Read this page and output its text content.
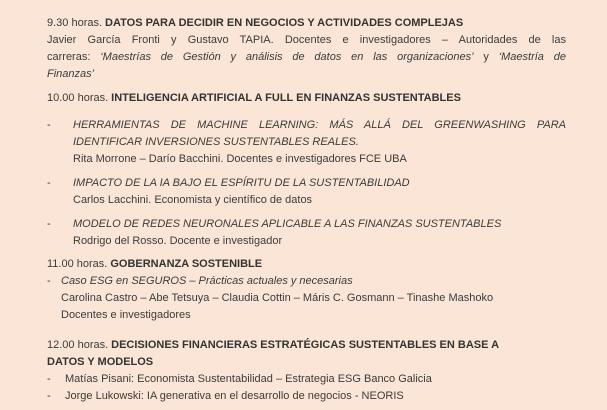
9.30 horas. DATOS PARA DECIDIR EN NEGOCIOS Y ACTIVIDADES COMPLEJAS
Javier García Fronti y Gustavo TAPIA. Docentes e investigadores – Autoridades de las
carreras: ‘Maestrías de Gestión y análisis de datos en las organizaciones’ y ‘Maestría de
Finanzas’
10.00 horas. INTELIGENCIA ARTIFICIAL A FULL EN FINANZAS SUSTENTABLES
-	HERRAMIENTAS DE MACHINE LEARNING: MÁS ALLÁ DEL GREENWASHING PARA
IDENTIFICAR INVERSIONES SUSTENTABLES REALES.
Rita Morrone – Darío Bacchini. Docentes e investigadores FCE UBA
-	IMPACTO DE LA IA BAJO EL ESPÍRITU DE LA SUSTENTABILIDAD
Carlos Lacchini. Economista y científico de datos
-	MODELO DE REDES NEURONALES APLICABLE A LAS FINANZAS SUSTENTABLES
Rodrigo del Rosso. Docente e investigador
11.00 horas. GOBERNANZA SOSTENIBLE
- Caso ESG en SEGUROS – Prácticas actuales y necesarias
Carolina Castro – Abe Tetsuya – Claudia Cottin – Máris C. Gosmann – Tinashe Mashoko
Docentes e investigadores
12.00 horas. DECISIONES FINANCIERAS ESTRATÉGICAS SUSTENTABLES EN BASE A
DATOS Y MODELOS
-	Matías Pisani: Economista Sustentabilidad – Estrategia ESG Banco Galicia
-	Jorge Lukowski: IA generativa en el desarrollo de negocios - NEORIS
